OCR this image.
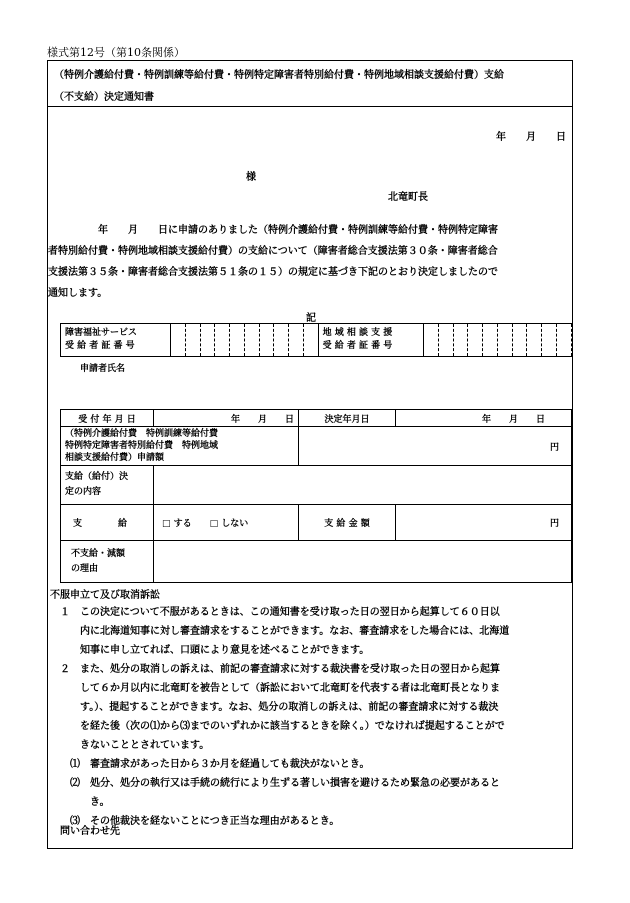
様式第12号（第10条関係）
（特例介護給付費・特例訓練等給付費・特例特定障害者特別給付費・特例地域相談支援給付費）支給
（不支給）決定通知書
年　　月　　日
様
北竜町長
　　　　　年　　月　　日に申請のありました（特例介護給付費・特例訓練等給付費・特例特定障害
者特別給付費・特例地域相談支援給付費）の支給について（障害者総合支援法第３０条・障害者総合
支援法第３５条・障害者総合支援法第５１条の１５）の規定に基づき下記のとおり決定しましたので
通知します。
記
障害福祉サービス
受 給 者 証 番 号

地 域 相 談 支 援
受 給 者 証 番 号

申請者氏名
受 付 年 月 日	年　　月　　日	決定年月日	年　　月　　日

（特例介護給付費　特例訓練等給付費
特例特定障害者特別給付費　特例地域
相談支援給付費）申請額		円	

支給（給付）決
定の内容			

支　　　　給	□ する　　□ しない	支 給 金 額	円

不支給・減額
の理由			

不服申立て及び取消訴訟
１　この決定について不服があるときは、この通知書を受け取った日の翌日から起算して６０日以
　　内に北海道知事に対し審査請求をすることができます。なお、審査請求をした場合には、北海道
　　知事に申し立てれば、口頭により意見を述べることができます。
２　また、処分の取消しの訴えは、前記の審査請求に対する裁決書を受け取った日の翌日から起算
　　して６か月以内に北竜町を被告として（訴訟において北竜町を代表する者は北竜町長となりま
　　す。）、提起することができます。なお、処分の取消しの訴えは、前記の審査請求に対する裁決
　　を経た後（次の⑴から⑶までのいずれかに該当するときを除く。）でなければ提起することがで
　　きないこととされています。
　⑴　審査請求があった日から３か月を経過しても裁決がないとき。
　⑵　処分、処分の執行又は手続の続行により生ずる著しい損害を避けるため緊急の必要があると
　　　き。
　⑶　その他裁決を経ないことにつき正当な理由があるとき。
問い合わせ先
